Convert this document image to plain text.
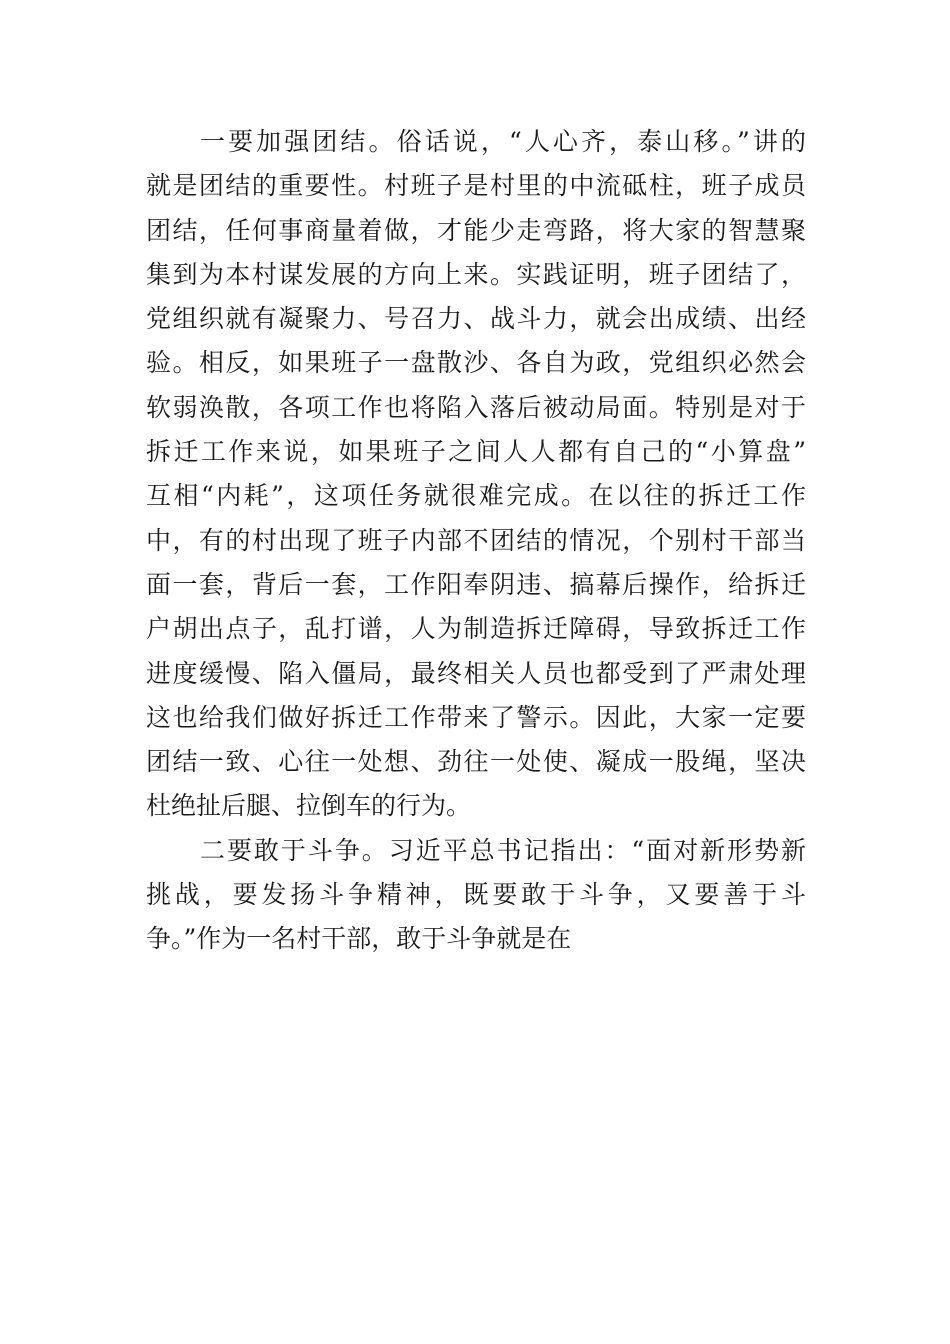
一要加强团结。俗话说，“人心齐，泰山移。”讲的
就是团结的重要性。村班子是村里的中流砥柱，班子成员
团结，任何事商量着做，才能少走弯路，将大家的智慧聚
集到为本村谋发展的方向上来。实践证明，班子团结了，
党组织就有凝聚力、号召力、战斗力，就会出成绩、出经
验。相反，如果班子一盘散沙、各自为政，党组织必然会
软弱涣散，各项工作也将陷入落后被动局面。特别是对于
拆迁工作来说，如果班子之间人人都有自己的“小算盘”
互相“内耗”，这项任务就很难完成。在以往的拆迁工作
中，有的村出现了班子内部不团结的情况，个别村干部当
面一套，背后一套，工作阳奉阴违、搞幕后操作，给拆迁
户胡出点子，乱打谱，人为制造拆迁障碍，导致拆迁工作
进度缓慢、陷入僵局，最终相关人员也都受到了严肃处理
这也给我们做好拆迁工作带来了警示。因此，大家一定要
团结一致、心往一处想、劲往一处使、凝成一股绳，坚决
杜绝扯后腿、拉倒车的行为。
二要敢于斗争。习近平总书记指出：“面对新形势新
挑战，要发扬斗争精神，既要敢于斗争，又要善于斗
争。”作为一名村干部，敢于斗争就是在
